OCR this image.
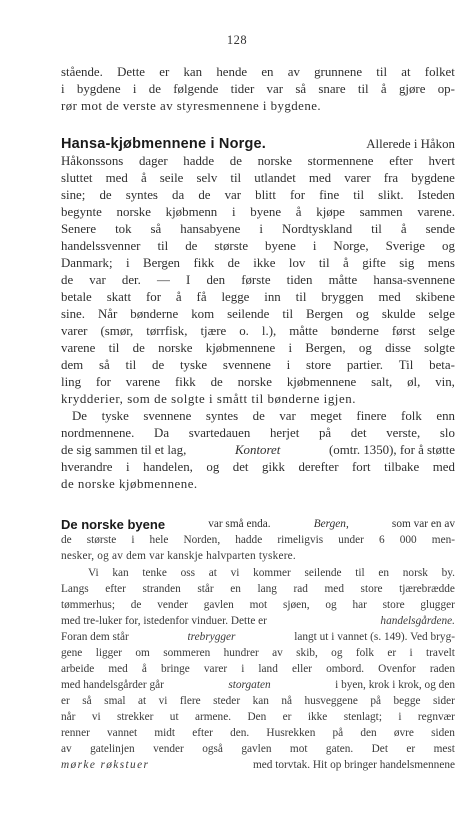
128
stående. Dette er kan hende en av grunnene til at folket
i bygdene i de følgende tider var så snare til å gjøre op-
rør mot de verste av styresmennene i bygdene.
Hansa-kjøbmennene i Norge.	Allerede i Håkon
Håkonssons dager hadde de norske stormennene efter hvert
sluttet med å seile selv til utlandet med varer fra bygdene
sine; de syntes da de var blitt for fine til slikt. Isteden
begynte norske kjøbmenn i byene å kjøpe sammen varene.
Senere tok så hansabyene i Nordtyskland til å sende
handelssvenner til de største byene i Norge, Sverige og
Danmark; i Bergen fikk de ikke lov til å gifte sig mens
de var der. — I den første tiden måtte hansa-svennene
betale skatt for å få legge inn til bryggen med skibene
sine. Når bønderne kom seilende til Bergen og skulde selge
varer (smør, tørrfisk, tjære o. l.), måtte bønderne først selge
varene til de norske kjøbmennene i Bergen, og disse solgte
dem så til de tyske svennene i store partier. Til beta-
ling for varene fikk de norske kjøbmennene salt, øl, vin,
krydderier, som de solgte i smått til bønderne igjen.
De tyske svennene syntes de var meget finere folk enn
nordmennene. Da svartedauen herjet på det verste, slo
de sig sammen til et lag,	Kontoret	(omtr. 1350), for å støtte
hverandre i handelen, og det gikk derefter fort tilbake med
de norske kjøbmennene.
De norske byene	var små enda.	Bergen,	som var en av
de største i hele Norden, hadde rimeligvis under 6 000 men-
nesker, og av dem var kanskje halvparten tyskere.
Vi kan tenke oss at vi kommer seilende til en norsk by.
Langs efter stranden står en lang rad med store tjærebrædde
tømmerhus; de vender gavlen mot sjøen, og har store glugger
med tre-luker for, istedenfor vinduer. Dette er	handelsgårdene.
Foran dem står	trebrygger	langt ut i vannet (s. 149). Ved bryg-
gene ligger om sommeren hundrer av skib, og folk er i travelt
arbeide med å bringe varer i land eller ombord. Ovenfor raden
med handelsgårder går	storgaten	i byen, krok i krok, og den
er så smal at vi flere steder kan nå husveggene på begge sider
når vi strekker ut armene. Den er ikke stenlagt; i regnvær
renner vannet midt efter den. Husrekken på den øvre siden
av gatelinjen vender også gavlen mot gaten. Det er mest
mørke røkstuer	med torvtak. Hit op bringer handelsmennene
